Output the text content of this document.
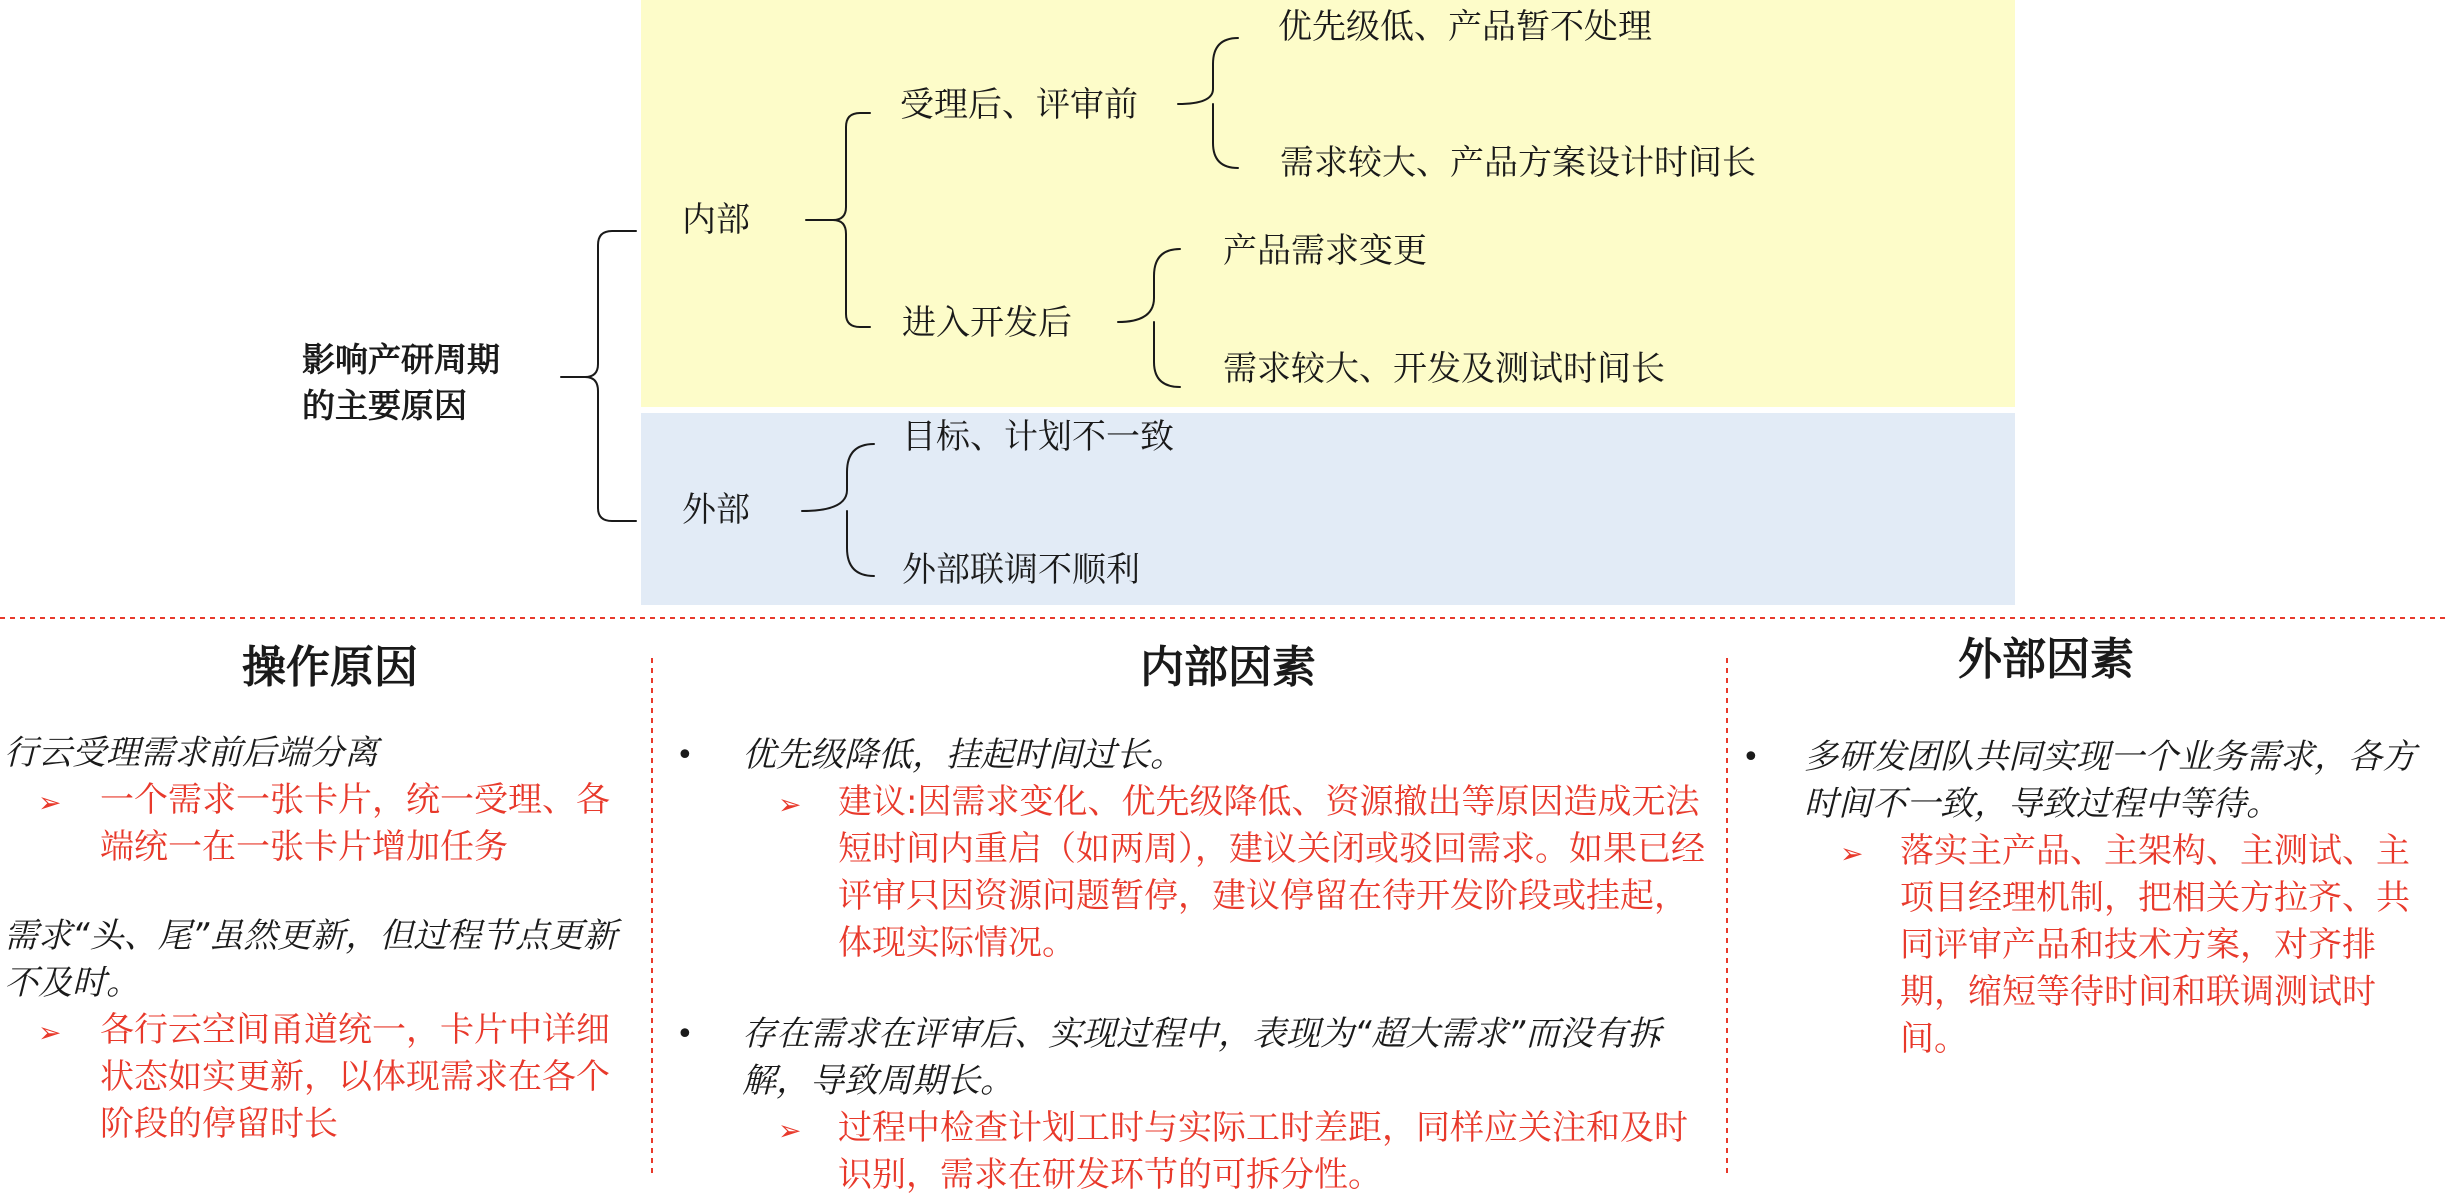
影响产研周期的主要原因
内部
受理后、评审前
优先级低、产品暂不处理
需求较大、产品方案设计时间长
进入开发后
产品需求变更
需求较大、开发及测试时间长
外部
目标、计划不一致
外部联调不顺利
操作原因
行云受理需求前后端分离
➢ 一个需求一张卡片，统一受理、各端统一在一张卡片增加任务
需求“头、尾”虽然更新，但过程节点更新不及时。
➢ 各行云空间甬道统一，卡片中详细状态如实更新，以体现需求在各个阶段的停留时长
内部因素
• 优先级降低，挂起时间过长。
➢ 建议:因需求变化、优先级降低、资源撤出等原因造成无法短时间内重启（如两周），建议关闭或驳回需求。如果已经评审只因资源问题暂停，建议停留在待开发阶段或挂起，体现实际情况。
• 存在需求在评审后、实现过程中，表现为“超大需求”而没有拆解，导致周期长。
➢ 过程中检查计划工时与实际工时差距，同样应关注和及时识别，需求在研发环节的可拆分性。
外部因素
• 多研发团队共同实现一个业务需求，各方时间不一致，导致过程中等待。
➢ 落实主产品、主架构、主测试、主项目经理机制，把相关方拉齐、共同评审产品和技术方案，对齐排期，缩短等待时间和联调测试时间。
